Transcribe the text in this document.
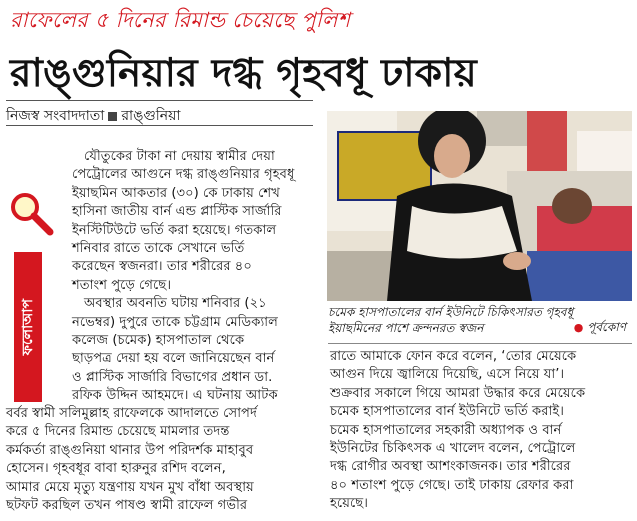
রাফেলের ৫ দিনের রিমান্ড চেয়েছে পুলিশ
রাঙ্গুনিয়ার দগ্ধ গৃহবধূ ঢাকায়
নিজস্ব সংবাদদাতা রাঙ্গুনিয়া
ফলোআপ

যৌতুকের টাকা না দেয়ায় স্বামীর দেয়া

পেট্রোলের আগুনে দগ্ধ রাঙ্গুনিয়ার গৃহবধূ

ইয়াছমিন আকতার (৩০) কে ঢাকায় শেখ

হাসিনা জাতীয় বার্ন এন্ড প্লাস্টিক সার্জারি

ইনস্টিটিউটে ভর্তি করা হয়েছে। গতকাল

শনিবার রাতে তাকে সেখানে ভর্তি

করেছেন স্বজনরা। তার শরীরের ৪০

শতাংশ পুড়ে গেছে।

অবস্থার অবনতি ঘটায় শনিবার (২১

নভেম্বর) দুপুরে তাকে চট্টগ্রাম মেডিক্যাল

কলেজ (চমেক) হাসপাতাল থেকে

ছাড়পত্র দেয়া হয় বলে জানিয়েছেন বার্ন

ও প্লাস্টিক সার্জারি বিভাগের প্রধান ডা.

রফিক উদ্দিন আহমদে। এ ঘটনায় আটক

বর্বর স্বামী সলিমুল্লাহ রাফেলকে আদালতে সোপর্দ

করে ৫ দিনের রিমান্ড চেয়েছে মামলার তদন্ত

কর্মকর্তা রাঙ্গুনিয়া থানার উপ পরিদর্শক মাহাবুব

হোসেন। গৃহবধূর বাবা হারুনুর রশিদ বলেন,

আমার মেয়ে মৃত্যু যন্ত্রণায় যখন মুখ বাঁধা অবস্থায়

ছটফট করছিল তখন পাষণ্ড স্বামী রাফেল গভীর

চমেক হাসপাতালের বার্ন ইউনিটে চিকিৎসারত গৃহবধূ
ইয়াছমিনের পাশে ক্রন্দনরত স্বজন	● পূর্বকোণ

রাতে আমাকে ফোন করে বলেন, ‘তোর মেয়েকে

আগুন দিয়ে জ্বালিয়ে দিয়েছি, এসে নিয়ে যা’।

শুক্রবার সকালে গিয়ে আমরা উদ্ধার করে মেয়েকে

চমেক হাসপাতালের বার্ন ইউনিটে ভর্তি করাই।

চমেক হাসপাতালের সহকারী অধ্যাপক ও বার্ন

ইউনিটের চিকিৎসক এ খালেদ বলেন, পেট্রোলে

দগ্ধ রোগীর অবস্থা আশংকাজনক। তার শরীরের

৪০ শতাংশ পুড়ে গেছে। তাই ঢাকায় রেফার করা

হয়েছে।
